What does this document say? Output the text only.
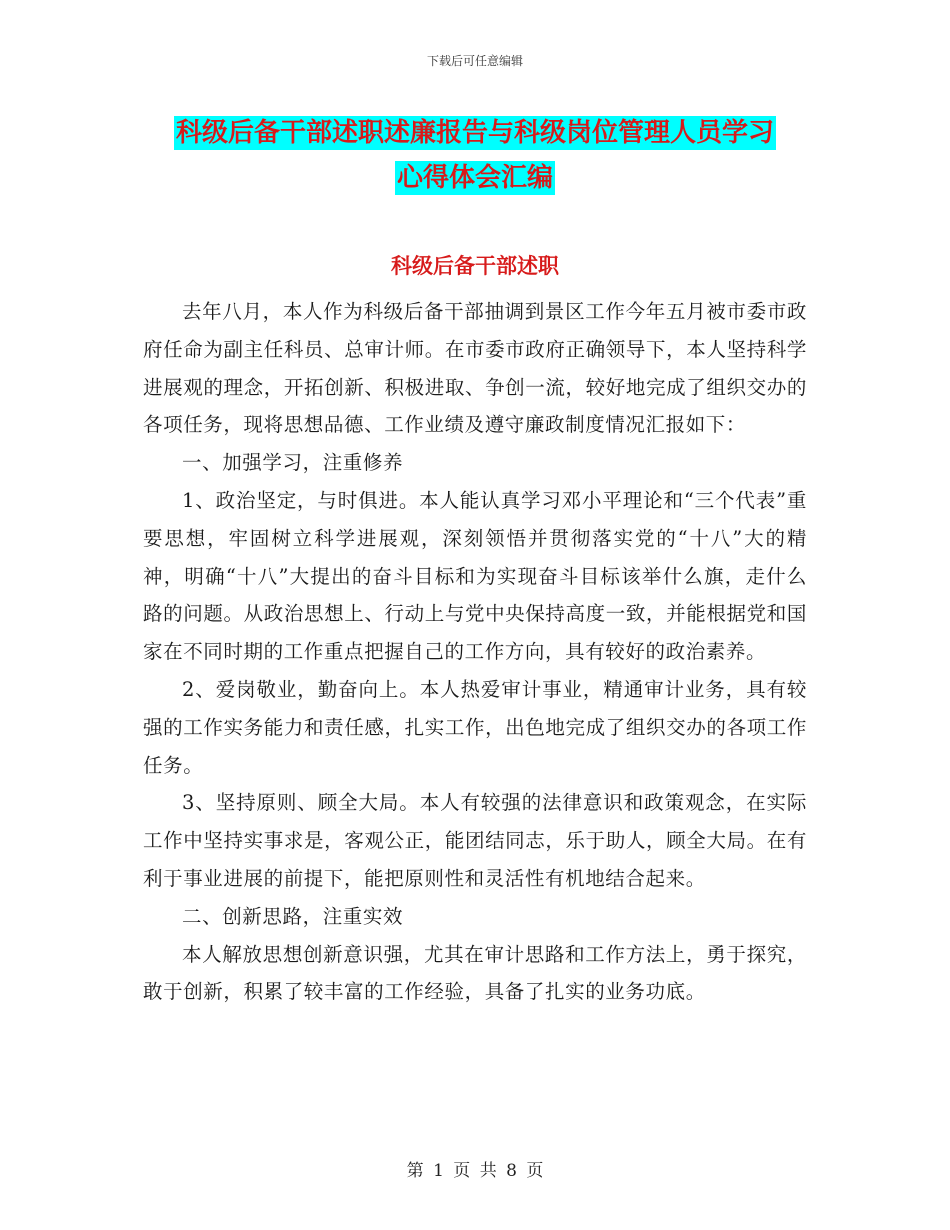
下载后可任意编辑
科级后备干部述职述廉报告与科级岗位管理人员学习
心得体会汇编
科级后备干部述职

去年八月，本人作为科级后备干部抽调到景区工作今年五月被市委市政府任命为副主任科员、总审计师。在市委市政府正确领导下，本人坚持科学进展观的理念，开拓创新、积极进取、争创一流，较好地完成了组织交办的各项任务，现将思想品德、工作业绩及遵守廉政制度情况汇报如下：

一、加强学习，注重修养

1、政治坚定，与时俱进。本人能认真学习邓小平理论和“三个代表”重要思想，牢固树立科学进展观，深刻领悟并贯彻落实党的“十八”大的精神，明确“十八”大提出的奋斗目标和为实现奋斗目标该举什么旗，走什么路的问题。从政治思想上、行动上与党中央保持高度一致，并能根据党和国家在不同时期的工作重点把握自己的工作方向，具有较好的政治素养。

2、爱岗敬业，勤奋向上。本人热爱审计事业，精通审计业务，具有较强的工作实务能力和责任感，扎实工作，出色地完成了组织交办的各项工作任务。

3、坚持原则、顾全大局。本人有较强的法律意识和政策观念，在实际工作中坚持实事求是，客观公正，能团结同志，乐于助人，顾全大局。在有利于事业进展的前提下，能把原则性和灵活性有机地结合起来。

二、创新思路，注重实效

本人解放思想创新意识强，尤其在审计思路和工作方法上，勇于探究，敢于创新，积累了较丰富的工作经验，具备了扎实的业务功底。

第 1 页 共 8 页
